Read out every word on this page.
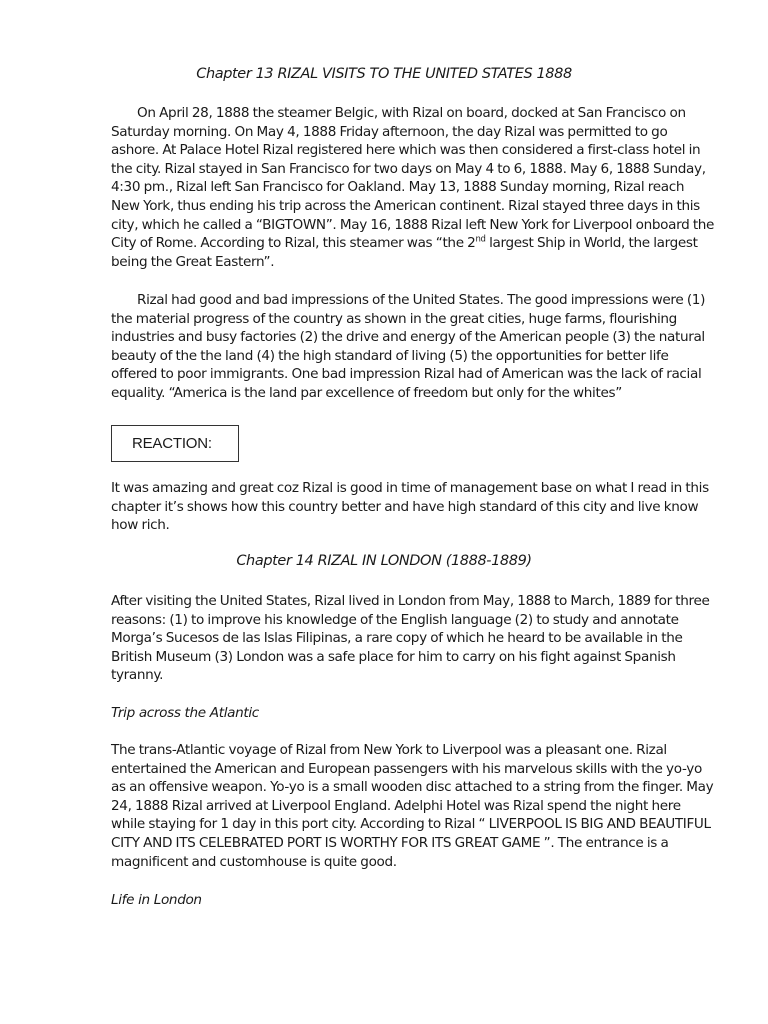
Chapter 13 RIZAL VISITS TO THE UNITED STATES 1888

On April 28, 1888 the steamer Belgic, with Rizal on board, docked at San Francisco on Saturday morning. On May 4, 1888 Friday afternoon, the day Rizal was permitted to go ashore. At Palace Hotel Rizal registered here which was then considered a first-class hotel in the city. Rizal stayed in San Francisco for two days on May 4 to 6, 1888. May 6, 1888 Sunday, 4:30 pm., Rizal left San Francisco for Oakland. May 13, 1888 Sunday morning, Rizal reach New York, thus ending his trip across the American continent. Rizal stayed three days in this city, which he called a “BIGTOWN”. May 16, 1888 Rizal left New York for Liverpool onboard the City of Rome. According to Rizal, this steamer was “the 2nd largest Ship in World, the largest being the Great Eastern”.

Rizal had good and bad impressions of the United States. The good impressions were (1) the material progress of the country as shown in the great cities, huge farms, flourishing industries and busy factories (2) the drive and energy of the American people (3) the natural beauty of the the land (4) the high standard of living (5) the opportunities for better life offered to poor immigrants. One bad impression Rizal had of American was the lack of racial equality. “America is the land par excellence of freedom but only for the whites”

REACTION:

It was amazing and great coz Rizal is good in time of management base on what I read in this chapter it’s shows how this country better and have high standard of this city and live know how rich.

Chapter 14 RIZAL IN LONDON (1888-1889)

After visiting the United States, Rizal lived in London from May, 1888 to March, 1889 for three reasons: (1) to improve his knowledge of the English language (2) to study and annotate Morga’s Sucesos de las Islas Filipinas, a rare copy of which he heard to be available in the British Museum (3) London was a safe place for him to carry on his fight against Spanish tyranny.

Trip across the Atlantic

The trans-Atlantic voyage of Rizal from New York to Liverpool was a pleasant one. Rizal entertained the American and European passengers with his marvelous skills with the yo-yo as an offensive weapon. Yo-yo is a small wooden disc attached to a string from the finger. May 24, 1888 Rizal arrived at Liverpool England. Adelphi Hotel was Rizal spend the night here while staying for 1 day in this port city. According to Rizal “ LIVERPOOL IS BIG AND BEAUTIFUL CITY AND ITS CELEBRATED PORT IS WORTHY FOR ITS GREAT GAME ”. The entrance is a magnificent and customhouse is quite good.

Life in London
